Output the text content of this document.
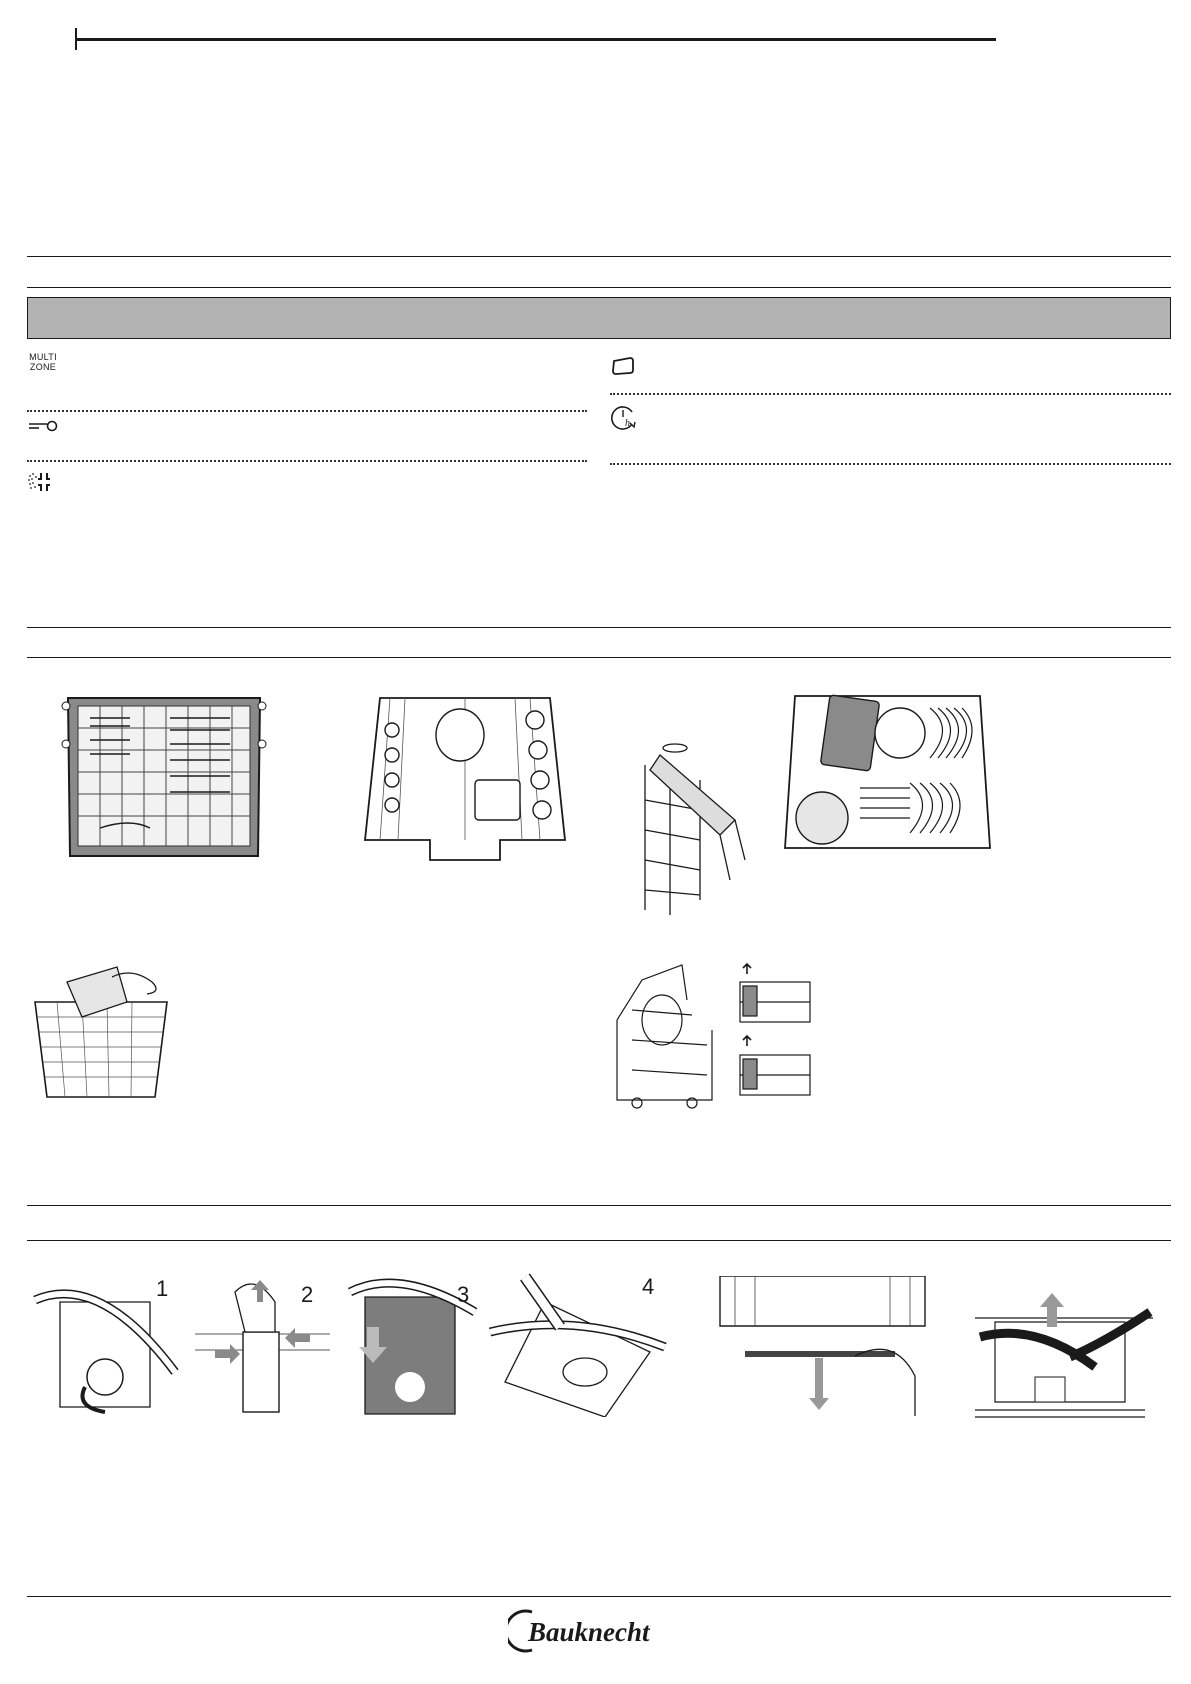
MULTI
ZONE
h
1	2	3	4
Bauknecht
